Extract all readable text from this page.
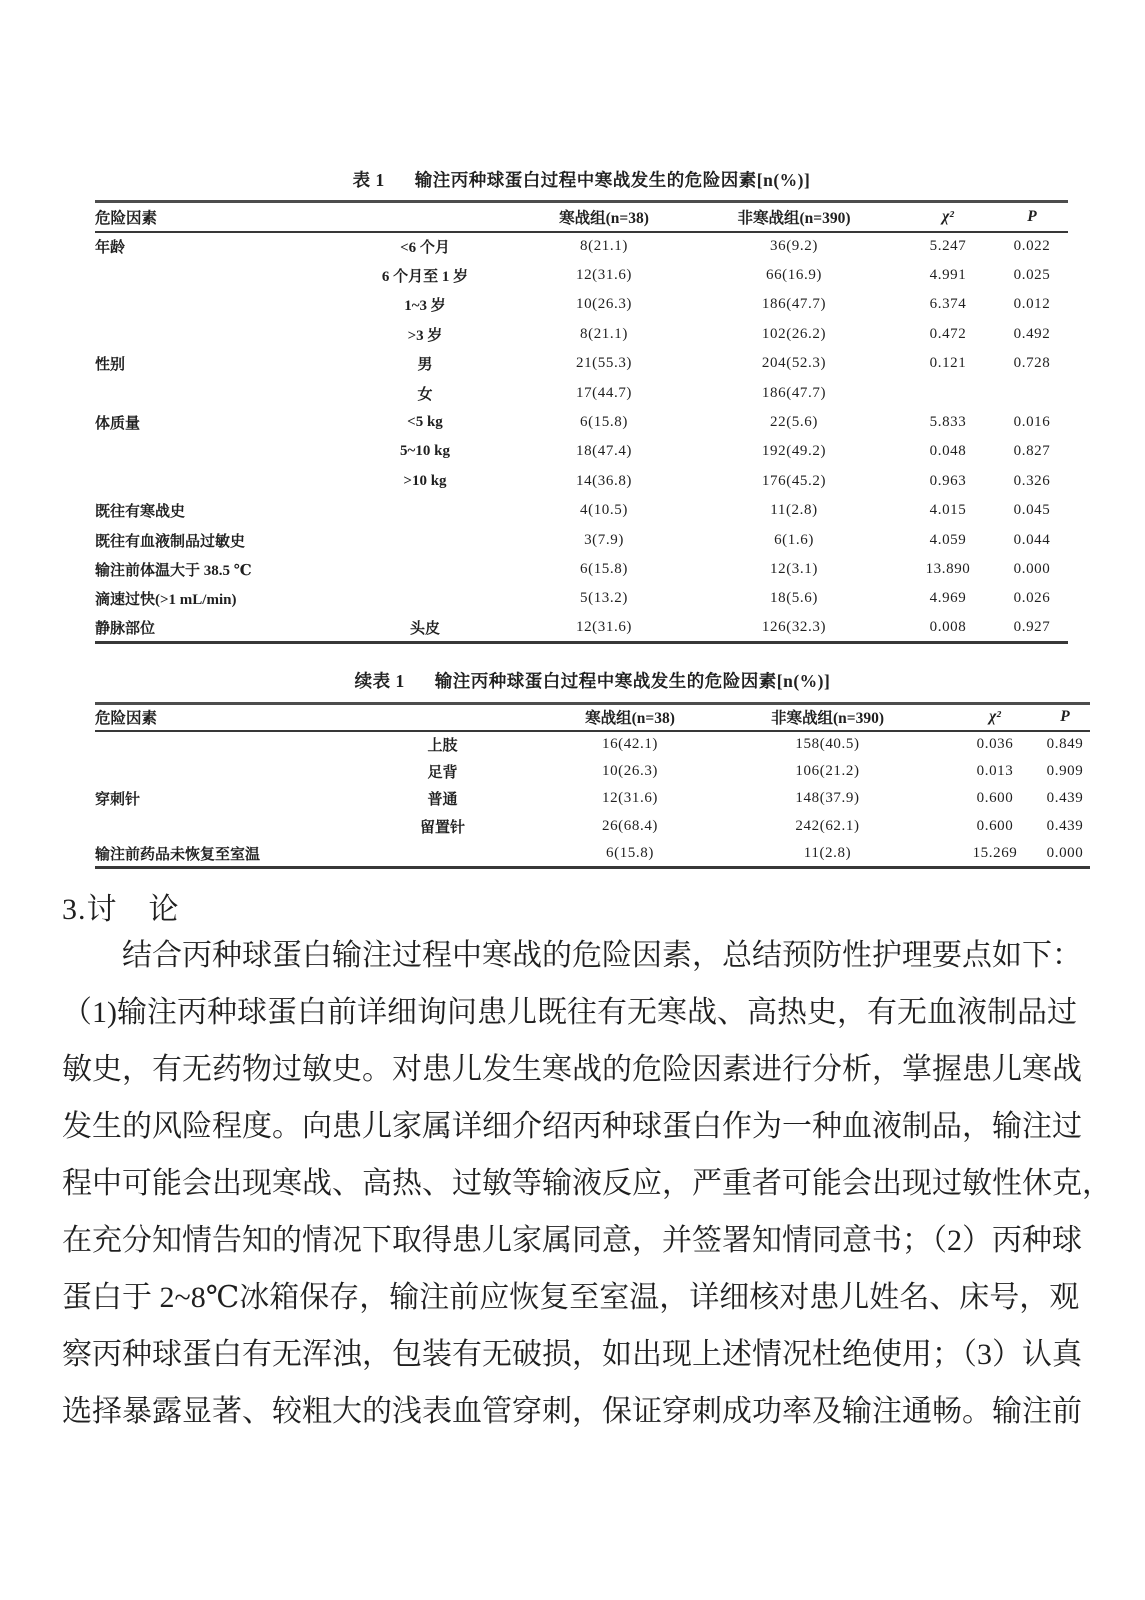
表 1 输注丙种球蛋白过程中寒战发生的危险因素[n(%)]
危险因素		寒战组(n=38)	非寒战组(n=390)	χ²	P
年龄	<6 个月	8(21.1)	36(9.2)	5.247	0.022
	6 个月至 1 岁	12(31.6)	66(16.9)	4.991	0.025
	1~3 岁	10(26.3)	186(47.7)	6.374	0.012
	>3 岁	8(21.1)	102(26.2)	0.472	0.492
性别	男	21(55.3)	204(52.3)	0.121	0.728
	女	17(44.7)	186(47.7)		
体质量	<5 kg	6(15.8)	22(5.6)	5.833	0.016
	5~10 kg	18(47.4)	192(49.2)	0.048	0.827
	>10 kg	14(36.8)	176(45.2)	0.963	0.326
既往有寒战史		4(10.5)	11(2.8)	4.015	0.045
既往有血液制品过敏史		3(7.9)	6(1.6)	4.059	0.044
输注前体温大于 38.5 ℃		6(15.8)	12(3.1)	13.890	0.000
滴速过快(>1 mL/min)		5(13.2)	18(5.6)	4.969	0.026
静脉部位	头皮	12(31.6)	126(32.3)	0.008	0.927
续表 1 输注丙种球蛋白过程中寒战发生的危险因素[n(%)]
危险因素		寒战组(n=38)	非寒战组(n=390)	χ²	P
	上肢	16(42.1)	158(40.5)	0.036	0.849
	足背	10(26.3)	106(21.2)	0.013	0.909
穿刺针	普通	12(31.6)	148(37.9)	0.600	0.439
	留置针	26(68.4)	242(62.1)	0.600	0.439
输注前药品未恢复至室温		6(15.8)	11(2.8)	15.269	0.000
3.讨　论
结合丙种球蛋白输注过程中寒战的危险因素，总结预防性护理要点如下：
（1)输注丙种球蛋白前详细询问患儿既往有无寒战、高热史，有无血液制品过
敏史，有无药物过敏史。对患儿发生寒战的危险因素进行分析，掌握患儿寒战
发生的风险程度。向患儿家属详细介绍丙种球蛋白作为一种血液制品，输注过
程中可能会出现寒战、高热、过敏等输液反应，严重者可能会出现过敏性休克，
在充分知情告知的情况下取得患儿家属同意，并签署知情同意书；（2）丙种球
蛋白于 2~8℃冰箱保存，输注前应恢复至室温，详细核对患儿姓名、床号，观
察丙种球蛋白有无浑浊，包装有无破损，如出现上述情况杜绝使用；（3）认真
选择暴露显著、较粗大的浅表血管穿刺，保证穿刺成功率及输注通畅。输注前
